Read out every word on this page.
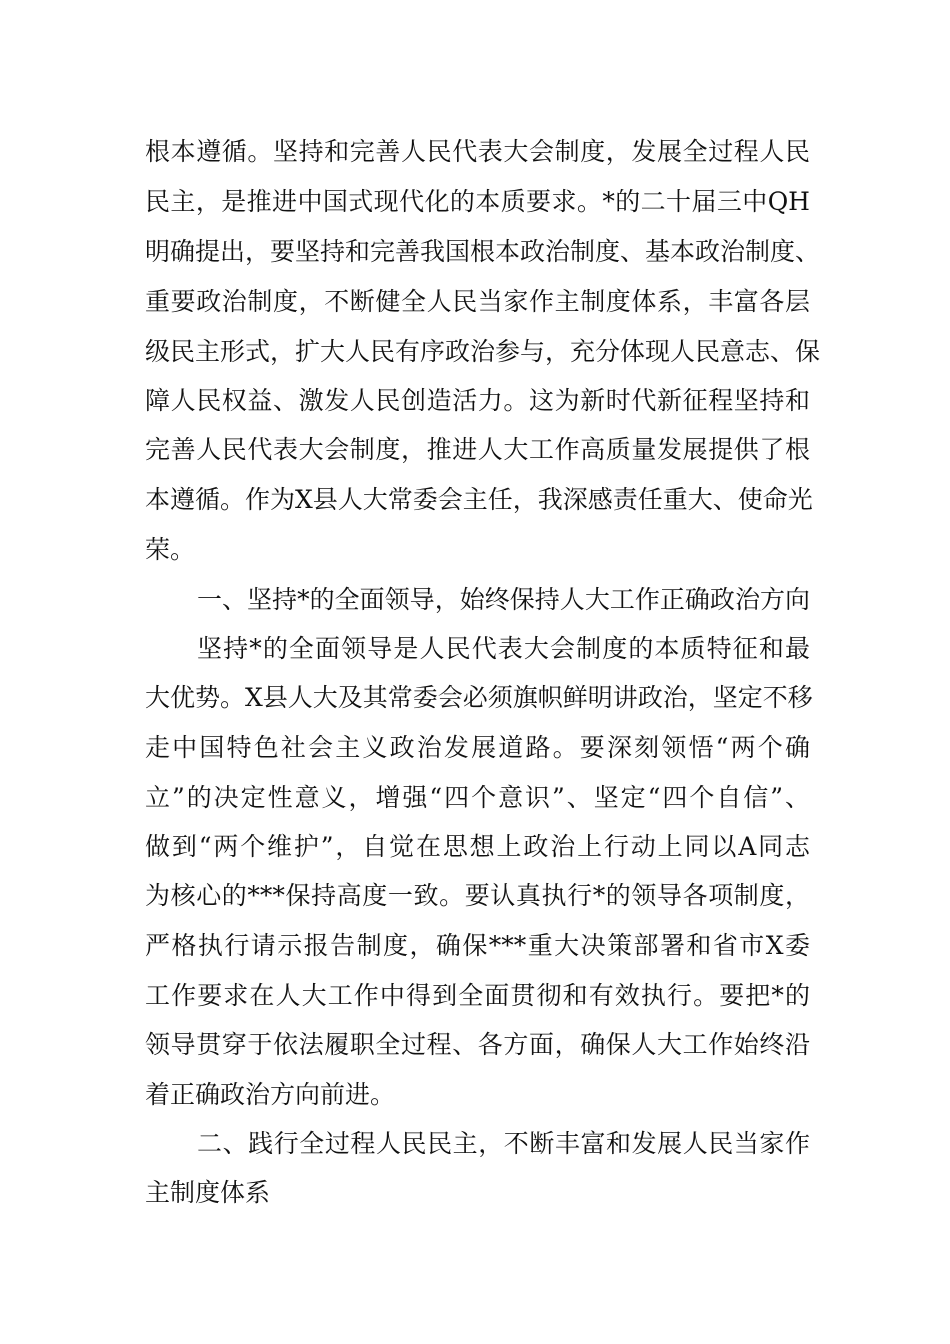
根本遵循。坚持和完善人民代表大会制度，发展全过程人民
民主，是推进中国式现代化的本质要求。*的二十届三中QH
明确提出，要坚持和完善我国根本政治制度、基本政治制度、
重要政治制度，不断健全人民当家作主制度体系，丰富各层
级民主形式，扩大人民有序政治参与，充分体现人民意志、保
障人民权益、激发人民创造活力。这为新时代新征程坚持和
完善人民代表大会制度，推进人大工作高质量发展提供了根
本遵循。作为X县人大常委会主任，我深感责任重大、使命光
荣。
一、坚持*的全面领导，始终保持人大工作正确政治方向
坚持*的全面领导是人民代表大会制度的本质特征和最
大优势。X县人大及其常委会必须旗帜鲜明讲政治，坚定不移
走中国特色社会主义政治发展道路。要深刻领悟“两个确
立”的决定性意义，增强“四个意识”、坚定“四个自信”、
做到“两个维护”，自觉在思想上政治上行动上同以A同志
为核心的***保持高度一致。要认真执行*的领导各项制度，
严格执行请示报告制度，确保***重大决策部署和省市X委
工作要求在人大工作中得到全面贯彻和有效执行。要把*的
领导贯穿于依法履职全过程、各方面，确保人大工作始终沿
着正确政治方向前进。
二、践行全过程人民民主，不断丰富和发展人民当家作
主制度体系
